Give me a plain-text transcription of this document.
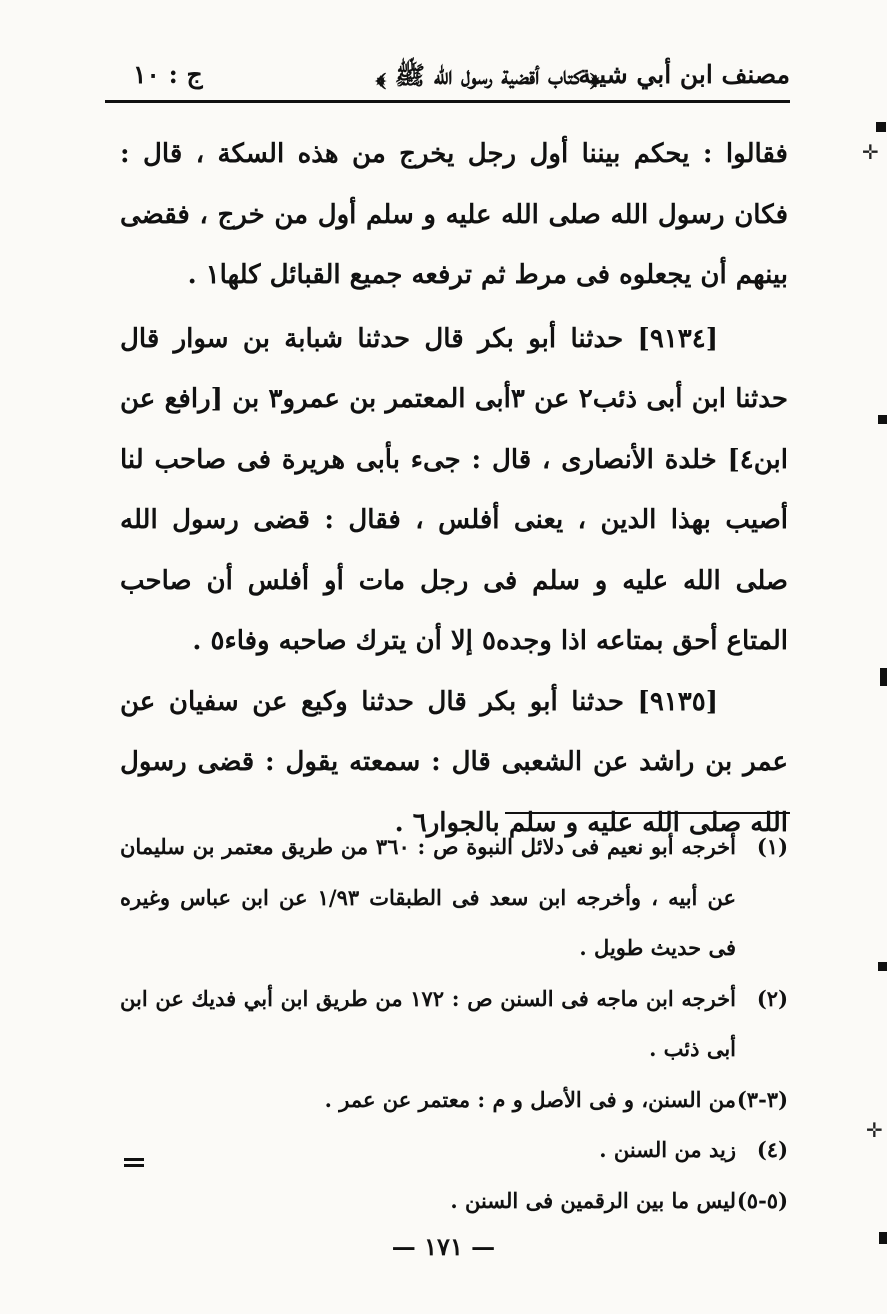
مصنف ابن أبي شيبة
﴿ كتاب أقضية رسول الله ﷺ ﴾
ج : ١٠

فقالوا : يحكم بيننا أول رجل يخرج من هذه السكة ، قال : فكان رسول الله صلى الله عليه و سلم أول من خرج ، فقضى بينهم أن يجعلوه فى مرط ثم ترفعه جميع القبائل كلها١ .

[٩١٣٤] حدثنا أبو بكر قال حدثنا شبابة بن سوار قال حدثنا ابن أبى ذئب٢ عن ٣أبى المعتمر بن عمرو٣ بن [رافع عن ابن٤] خلدة الأنصارى ، قال : جىء بأبى هريرة فى صاحب لنا أصيب بهذا الدين ، يعنى أفلس ، فقال : قضى رسول الله صلى الله عليه و سلم فى رجل مات أو أفلس أن صاحب المتاع أحق بمتاعه اذا وجده٥ إلا أن يترك صاحبه وفاء٥ .

[٩١٣٥] حدثنا أبو بكر قال حدثنا وكيع عن سفيان عن عمر بن راشد عن الشعبى قال : سمعته يقول : قضى رسول الله صلى الله عليه و سلم بالجوار٦ .

(١)
أخرجه أبو نعيم فى دلائل النبوة ص : ٣٦٠ من طريق معتمر بن سليمان عن أبيه ، وأخرجه ابن سعد فى الطبقات ١/٩٣ عن ابن عباس وغيره فى حديث طويل .
(٢)
أخرجه ابن ماجه فى السنن ص : ١٧٢ من طريق ابن أبي فديك عن ابن أبى ذئب .
(٣-٣)
من السنن، و فى الأصل و م : معتمر عن عمر .
(٤)
زيد من السنن .
(٥-٥)
ليس ما بين الرقمين فى السنن .
— ١٧١ —
✛
✛
